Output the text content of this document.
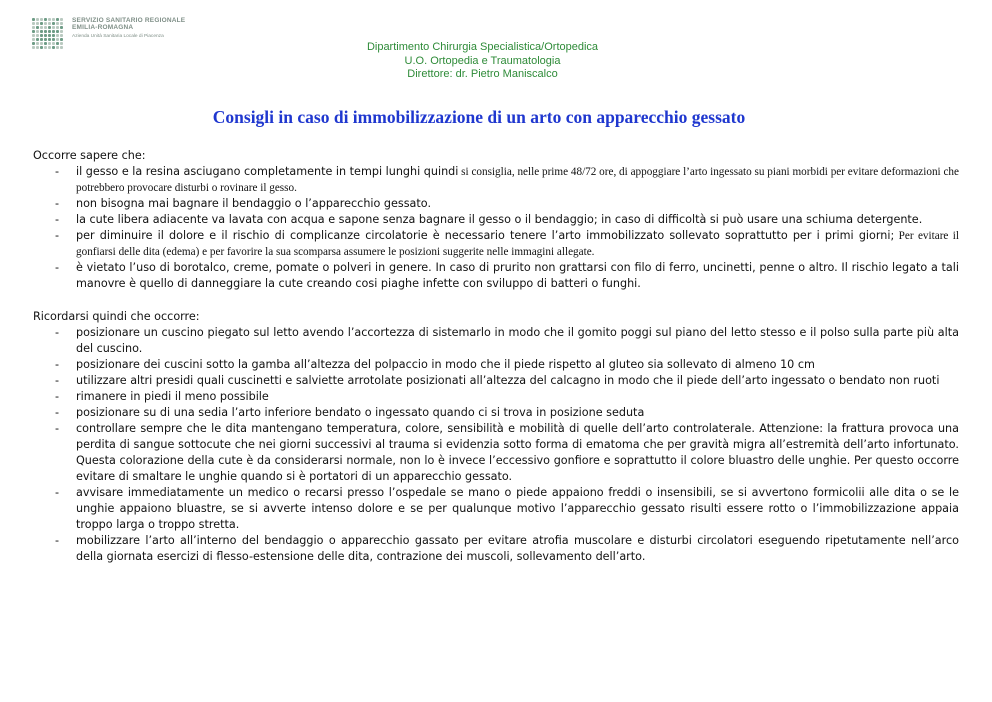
SERVIZIO SANITARIO REGIONALE
EMILIA-ROMAGNA
Azienda Unità Sanitaria Locale di Piacenza
Dipartimento Chirurgia Specialistica/Ortopedica
U.O. Ortopedia e Traumatologia
Direttore: dr. Pietro Maniscalco
Consigli in caso di immobilizzazione di un arto con apparecchio gessato
Occorre sapere che:
- il gesso e la resina asciugano completamente in tempi lunghi quindi si consiglia, nelle prime 48/72 ore, di appoggiare l’arto ingessato su piani morbidi per evitare deformazioni che potrebbero provocare disturbi o rovinare il gesso.
- non bisogna mai bagnare il bendaggio o l’apparecchio gessato.
- la cute libera adiacente va lavata con acqua e sapone senza bagnare il gesso o il bendaggio; in caso di difficoltà si può usare una schiuma detergente.
- per diminuire il dolore e il rischio di complicanze circolatorie è necessario tenere l’arto immobilizzato sollevato soprattutto per i primi giorni; Per evitare il gonfiarsi delle dita (edema) e per favorire la sua scomparsa assumere le posizioni suggerite nelle immagini allegate.
- è vietato l’uso di borotalco, creme, pomate o polveri in genere. In caso di prurito non grattarsi con filo di ferro, uncinetti, penne o altro. Il rischio legato a tali manovre è quello di danneggiare la cute creando cosi piaghe infette con sviluppo di batteri o funghi.
Ricordarsi quindi che occorre:
- posizionare un cuscino piegato sul letto avendo l’accortezza di sistemarlo in modo che il gomito poggi sul piano del letto stesso e il polso sulla parte più alta del cuscino.
- posizionare dei cuscini sotto la gamba all’altezza del polpaccio in modo che il piede rispetto al gluteo sia sollevato di almeno 10 cm
- utilizzare altri presidi quali cuscinetti e salviette arrotolate posizionati all’altezza del calcagno in modo che il piede dell’arto ingessato o bendato non ruoti
- rimanere in piedi il meno possibile
- posizionare su di una sedia l’arto inferiore bendato o ingessato quando ci si trova in posizione seduta
- controllare sempre che le dita mantengano temperatura, colore, sensibilità e mobilità di quelle dell’arto controlaterale. Attenzione: la frattura provoca una perdita di sangue sottocute che nei giorni successivi al trauma si evidenzia sotto forma di ematoma che per gravità migra all’estremità dell’arto infortunato. Questa colorazione della cute è da considerarsi normale, non lo è invece l’eccessivo gonfiore e soprattutto il colore bluastro delle unghie. Per questo occorre evitare di smaltare le unghie quando si è portatori di un apparecchio gessato.
- avvisare immediatamente un medico o recarsi presso l’ospedale se mano o piede appaiono freddi o insensibili, se si avvertono formicolii alle dita o se le unghie appaiono bluastre, se si avverte intenso dolore e se per qualunque motivo l’apparecchio gessato risulti essere rotto o l’immobilizzazione appaia troppo larga o troppo stretta.
- mobilizzare l’arto all’interno del bendaggio o apparecchio gassato per evitare atrofia muscolare e disturbi circolatori eseguendo ripetutamente nell’arco della giornata esercizi di flesso-estensione delle dita, contrazione dei muscoli, sollevamento dell’arto.
